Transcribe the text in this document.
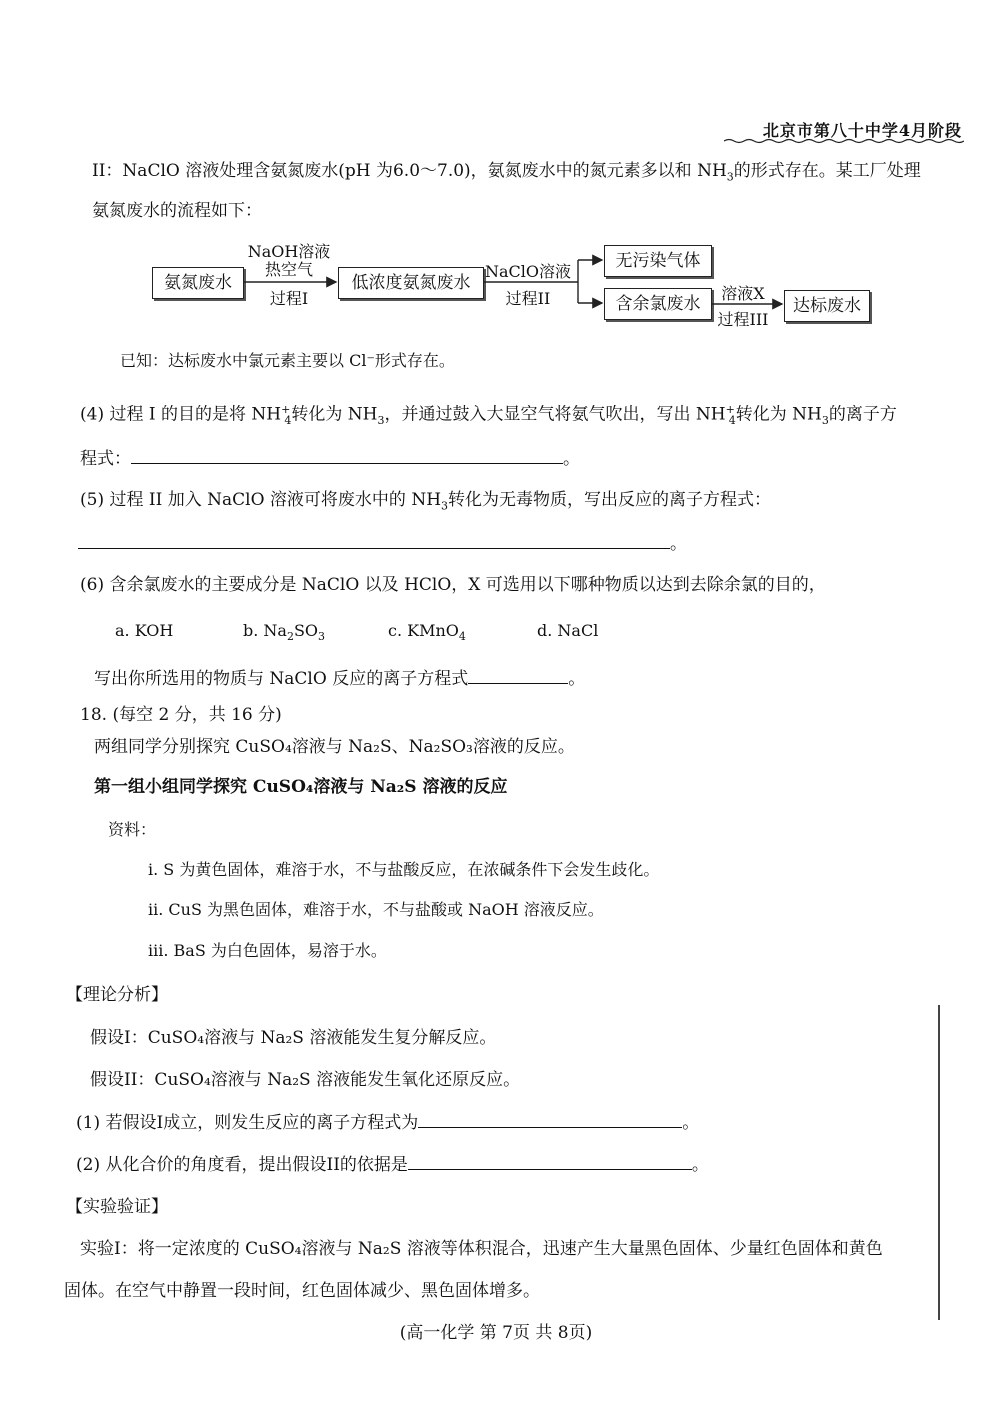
北京市第八十中学4月阶段
II：NaClO 溶液处理含氨氮废水(pH 为6.0～7.0)，氨氮废水中的氮元素多以和 $NH_3$的形式存在。某工厂处理
氨氮废水的流程如下：
氨氮废水	低浓度氨氮废水
无污染气体
含余氯废水	达标废水
NaOH溶液
热空气
过程I
NaClO溶液
过程II	溶液X
过程III
已知：达标废水中氯元素主要以 Cl⁻形式存在。
(4) 过程 I 的目的是将 $NH^+_4$转化为 $NH_3$，并通过鼓入大显空气将氨气吹出，写出 $NH^+_4$转化为 $NH_3$的离子方
程式：	。
(5) 过程 II 加入 NaClO 溶液可将废水中的 $NH_3$转化为无毒物质，写出反应的离子方程式：
。
(6) 含余氯废水的主要成分是 NaClO 以及 HClO，X 可选用以下哪种物质以达到去除余氯的目的，
a. KOH	b. $Na_2SO_3$	c. KMnO$_4$	d. NaCl
写出你所选用的物质与 NaClO 反应的离子方程式	。
18. (每空 2 分，共 16 分)
两组同学分别探究 CuSO₄溶液与 Na₂S、Na₂SO₃溶液的反应。
第一组小组同学探究 CuSO₄溶液与 Na₂S 溶液的反应
资料：
i. S 为黄色固体，难溶于水，不与盐酸反应，在浓碱条件下会发生歧化。
ii. CuS 为黑色固体，难溶于水，不与盐酸或 NaOH 溶液反应。
iii. BaS 为白色固体，易溶于水。
【理论分析】
假设I：CuSO₄溶液与 Na₂S 溶液能发生复分解反应。
假设II：CuSO₄溶液与 Na₂S 溶液能发生氧化还原反应。
(1) 若假设I成立，则发生反应的离子方程式为	。
(2) 从化合价的角度看，提出假设II的依据是	。
【实验验证】
实验I：将一定浓度的 CuSO₄溶液与 Na₂S 溶液等体积混合，迅速产生大量黑色固体、少量红色固体和黄色
固体。在空气中静置一段时间，红色固体减少、黑色固体增多。
(高一化学 第 7页 共 8页)
